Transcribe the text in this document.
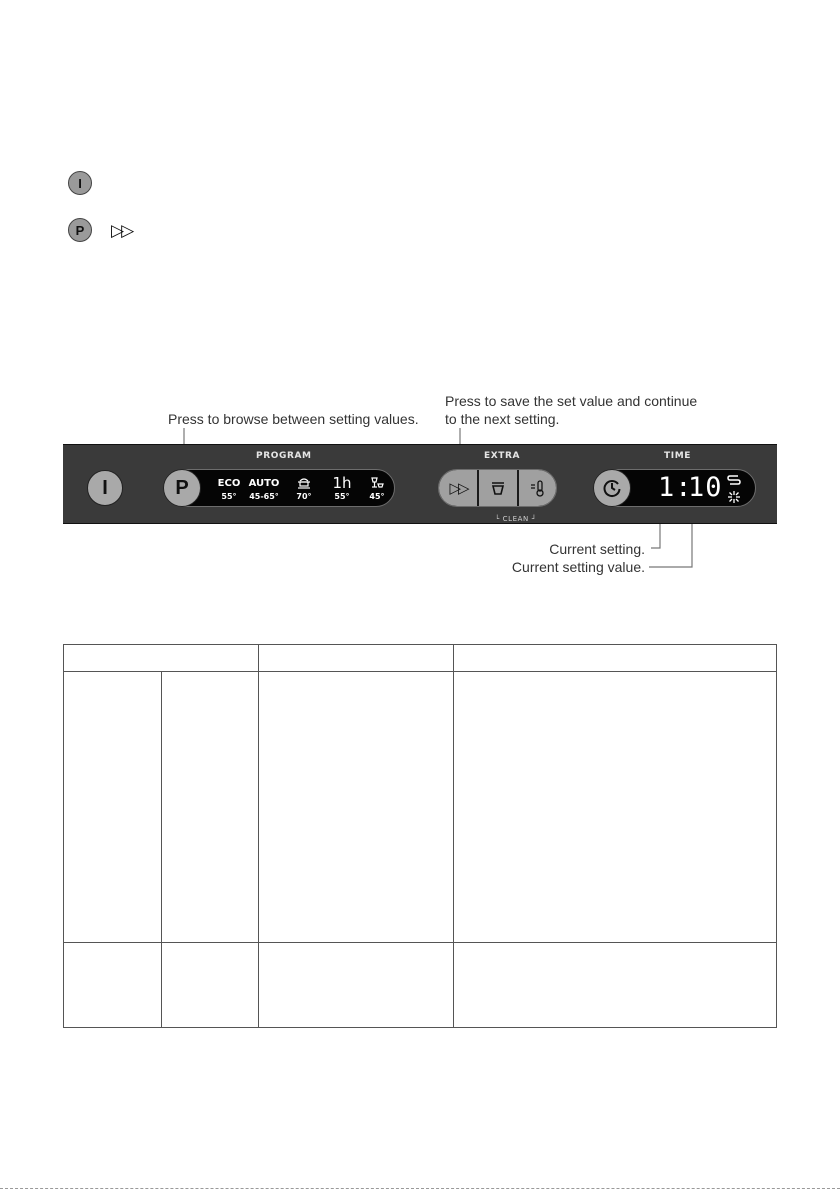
I
P ▷▷
Press to browse between setting values.
Press to save the set value and continue
to the next setting.
Current setting.
Current setting value.
I
PROGRAM
P	ECO
55°
AUTO
45-65°	70°
1h
55°	45°
EXTRA
▷▷
└ CLEAN ┘
TIME
1:
10
